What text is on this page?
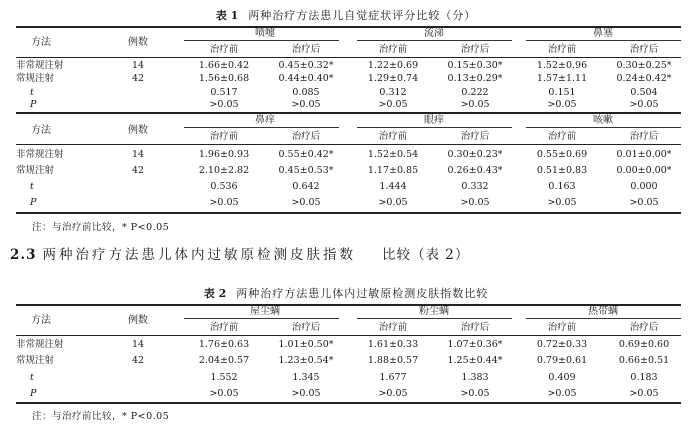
表 1 两种治疗方法患儿自觉症状评分比较（分）
方法	例数
喷嚏	流涕	鼻塞
治疗前	治疗后	治疗前	治疗后	治疗前	治疗后
非常规注射	14	1.66±0.42	0.45±0.32*	1.22±0.69	0.15±0.30*	1.52±0.96	0.30±0.25*
常规注射	42	1.56±0.68	0.44±0.40*	1.29±0.74	0.13±0.29*	1.57±1.11	0.24±0.42*
t	0.517	0.085	0.312	0.222	0.151	0.504
P	>0.05	>0.05	>0.05	>0.05	>0.05	>0.05
方法	例数
鼻痒	眼痒	咳嗽
治疗前	治疗后	治疗前	治疗后	治疗前	治疗后
非常规注射	14	1.96±0.93	0.55±0.42*	1.52±0.54	0.30±0.23*	0.55±0.69	0.01±0.00*
常规注射	42	2.10±2.82	0.45±0.53*	1.17±0.85	0.26±0.43*	0.51±0.83	0.00±0.00*
t	0.536	0.642	1.444	0.332	0.163	0.000
P	>0.05	>0.05	>0.05	>0.05	>0.05	>0.05
注：与治疗前比较，* P<0.05
2.3 两种治疗方法患儿体内过敏原检测皮肤指数 比较（表 2）
表 2 两种治疗方法患儿体内过敏原检测皮肤指数比较
方法	例数
屋尘螨	粉尘螨	热带螨
治疗前	治疗后	治疗前	治疗后	治疗前	治疗后
非常规注射	14	1.76±0.63	1.01±0.50*	1.61±0.33	1.07±0.36*	0.72±0.33	0.69±0.60
常规注射	42	2.04±0.57	1.23±0.54*	1.88±0.57	1.25±0.44*	0.79±0.61	0.66±0.51
t	1.552	1.345	1.677	1.383	0.409	0.183
P	>0.05	>0.05	>0.05	>0.05	>0.05	>0.05
注：与治疗前比较，* P<0.05
